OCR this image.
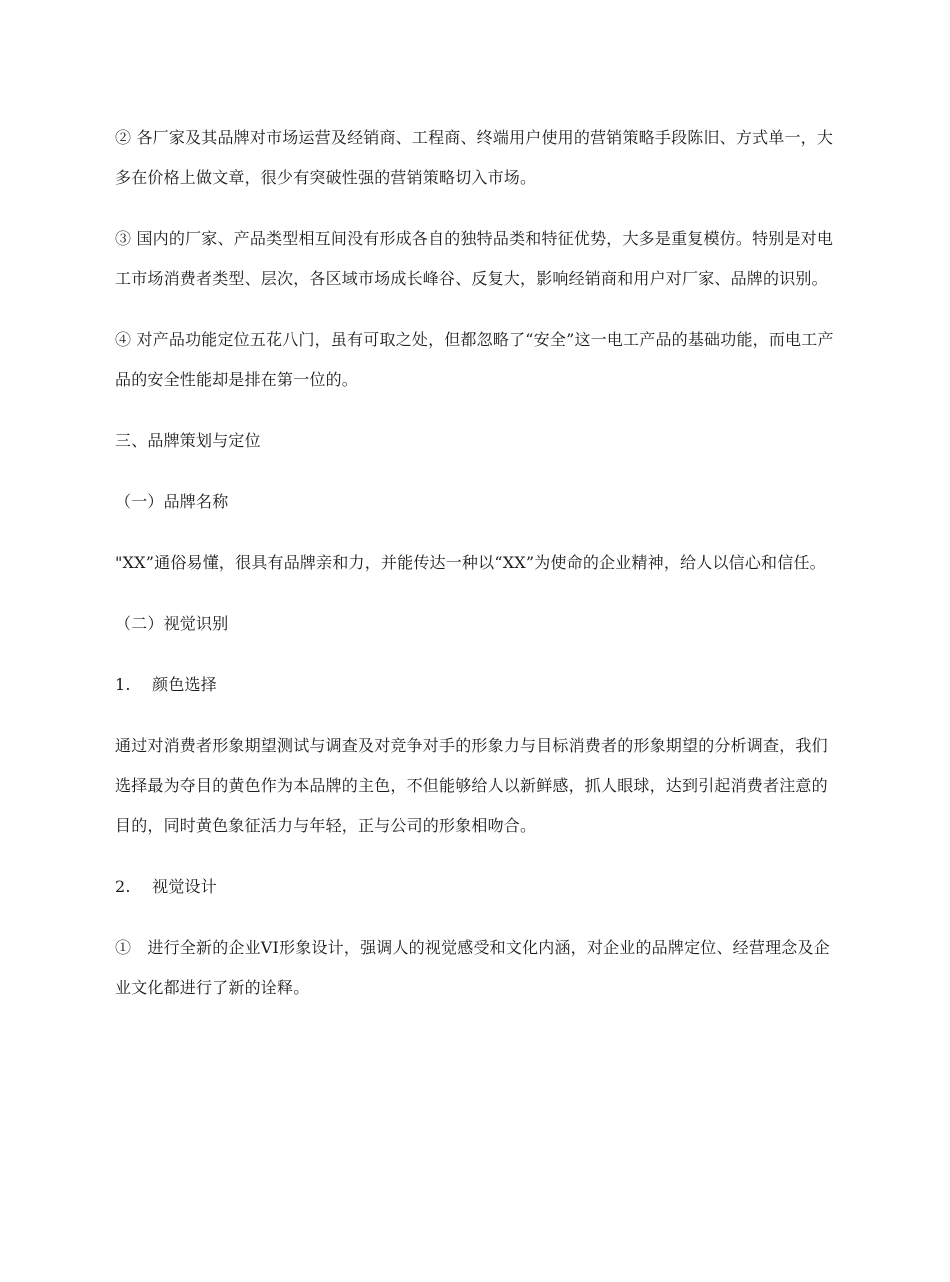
② 各厂家及其品牌对市场运营及经销商、工程商、终端用户使用的营销策略手段陈旧、方式单一，大多在价格上做文章，很少有突破性强的营销策略切入市场。

③ 国内的厂家、产品类型相互间没有形成各自的独特品类和特征优势，大多是重复模仿。特别是对电工市场消费者类型、层次，各区域市场成长峰谷、反复大，影响经销商和用户对厂家、品牌的识别。

④ 对产品功能定位五花八门，虽有可取之处，但都忽略了“安全”这一电工产品的基础功能，而电工产品的安全性能却是排在第一位的。

三、品牌策划与定位

（一）品牌名称

"XX”通俗易懂，很具有品牌亲和力，并能传达一种以“XX”为使命的企业精神，给人以信心和信任。

（二）视觉识别

1.　 颜色选择

通过对消费者形象期望测试与调查及对竞争对手的形象力与目标消费者的形象期望的分析调查，我们选择最为夺目的黄色作为本品牌的主色，不但能够给人以新鲜感，抓人眼球，达到引起消费者注意的目的，同时黄色象征活力与年轻，正与公司的形象相吻合。

2.　 视觉设计

①　进行全新的企业VI形象设计，强调人的视觉感受和文化内涵，对企业的品牌定位、经营理念及企业文化都进行了新的诠释。
